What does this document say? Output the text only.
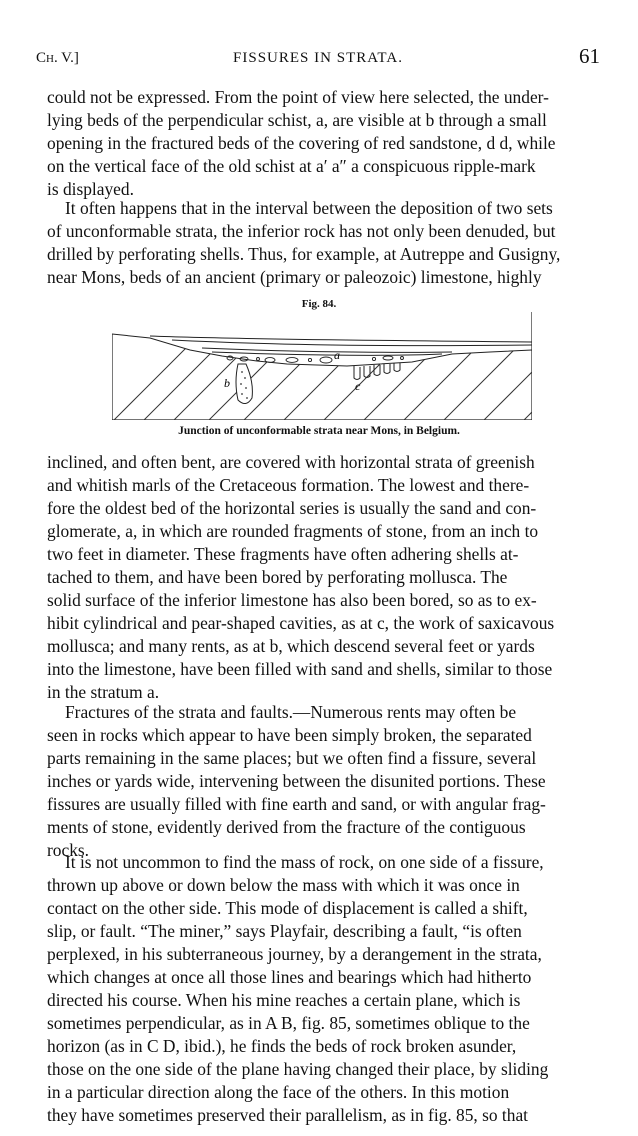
Ch. V.]	FISSURES IN STRATA.	61
could not be expressed. From the point of view here selected, the under-
lying beds of the perpendicular schist, a, are visible at b through a small
opening in the fractured beds of the covering of red sandstone, d d, while
on the vertical face of the old schist at a′ a″ a conspicuous ripple-mark
is displayed.
It often happens that in the interval between the deposition of two sets
of unconformable strata, the inferior rock has not only been denuded, but
drilled by perforating shells. Thus, for example, at Autreppe and Gusigny,
near Mons, beds of an ancient (primary or paleozoic) limestone, highly
Fig. 84.
a
b	c
Junction of unconformable strata near Mons, in Belgium.
inclined, and often bent, are covered with horizontal strata of greenish
and whitish marls of the Cretaceous formation. The lowest and there-
fore the oldest bed of the horizontal series is usually the sand and con-
glomerate, a, in which are rounded fragments of stone, from an inch to
two feet in diameter. These fragments have often adhering shells at-
tached to them, and have been bored by perforating mollusca. The
solid surface of the inferior limestone has also been bored, so as to ex-
hibit cylindrical and pear-shaped cavities, as at c, the work of saxicavous
mollusca; and many rents, as at b, which descend several feet or yards
into the limestone, have been filled with sand and shells, similar to those
in the stratum a.
Fractures of the strata and faults.—Numerous rents may often be
seen in rocks which appear to have been simply broken, the separated
parts remaining in the same places; but we often find a fissure, several
inches or yards wide, intervening between the disunited portions. These
fissures are usually filled with fine earth and sand, or with angular frag-
ments of stone, evidently derived from the fracture of the contiguous
rocks.
It is not uncommon to find the mass of rock, on one side of a fissure,
thrown up above or down below the mass with which it was once in
contact on the other side. This mode of displacement is called a shift,
slip, or fault. “The miner,” says Playfair, describing a fault, “is often
perplexed, in his subterraneous journey, by a derangement in the strata,
which changes at once all those lines and bearings which had hitherto
directed his course. When his mine reaches a certain plane, which is
sometimes perpendicular, as in A B, fig. 85, sometimes oblique to the
horizon (as in C D, ibid.), he finds the beds of rock broken asunder,
those on the one side of the plane having changed their place, by sliding
in a particular direction along the face of the others. In this motion
they have sometimes preserved their parallelism, as in fig. 85, so that
